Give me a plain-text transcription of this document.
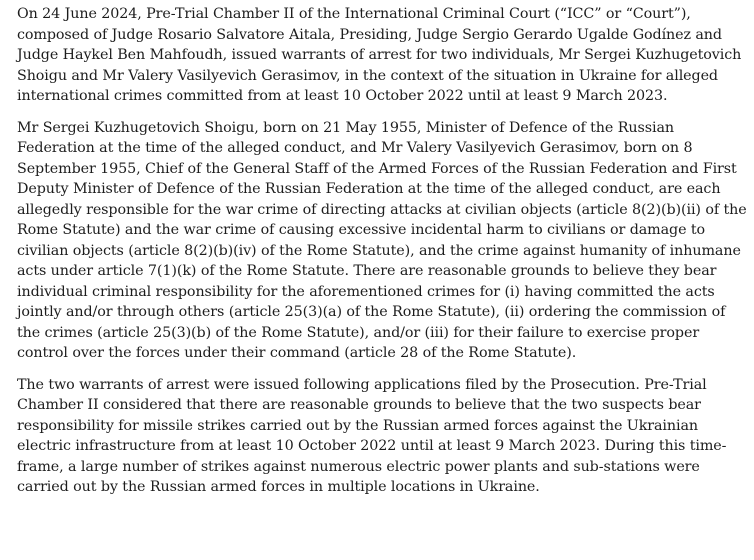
On 24 June 2024, Pre-Trial Chamber II of the International Criminal Court (“ICC” or “Court”), composed of Judge Rosario Salvatore Aitala, Presiding, Judge Sergio Gerardo Ugalde Godínez and Judge Haykel Ben Mahfoudh, issued warrants of arrest for two individuals, Mr Sergei Kuzhugetovich Shoigu and Mr Valery Vasilyevich Gerasimov, in the context of the situation in Ukraine for alleged international crimes committed from at least 10 October 2022 until at least 9 March 2023.

Mr Sergei Kuzhugetovich Shoigu, born on 21 May 1955, Minister of Defence of the Russian Federation at the time of the alleged conduct, and Mr Valery Vasilyevich Gerasimov, born on 8 September 1955, Chief of the General Staff of the Armed Forces of the Russian Federation and First Deputy Minister of Defence of the Russian Federation at the time of the alleged conduct, are each allegedly responsible for the war crime of directing attacks at civilian objects (article 8(2)(b)(ii) of the Rome Statute) and the war crime of causing excessive incidental harm to civilians or damage to civilian objects (article 8(2)(b)(iv) of the Rome Statute), and the crime against humanity of inhumane acts under article 7(1)(k) of the Rome Statute. There are reasonable grounds to believe they bear individual criminal responsibility for the aforementioned crimes for (i) having committed the acts jointly and/or through others (article 25(3)(a) of the Rome Statute), (ii) ordering the commission of the crimes (article 25(3)(b) of the Rome Statute), and/or (iii) for their failure to exercise proper control over the forces under their command (article 28 of the Rome Statute).

The two warrants of arrest were issued following applications filed by the Prosecution. Pre-Trial Chamber II considered that there are reasonable grounds to believe that the two suspects bear responsibility for missile strikes carried out by the Russian armed forces against the Ukrainian electric infrastructure from at least 10 October 2022 until at least 9 March 2023. During this time-frame, a large number of strikes against numerous electric power plants and sub-stations were carried out by the Russian armed forces in multiple locations in Ukraine.
